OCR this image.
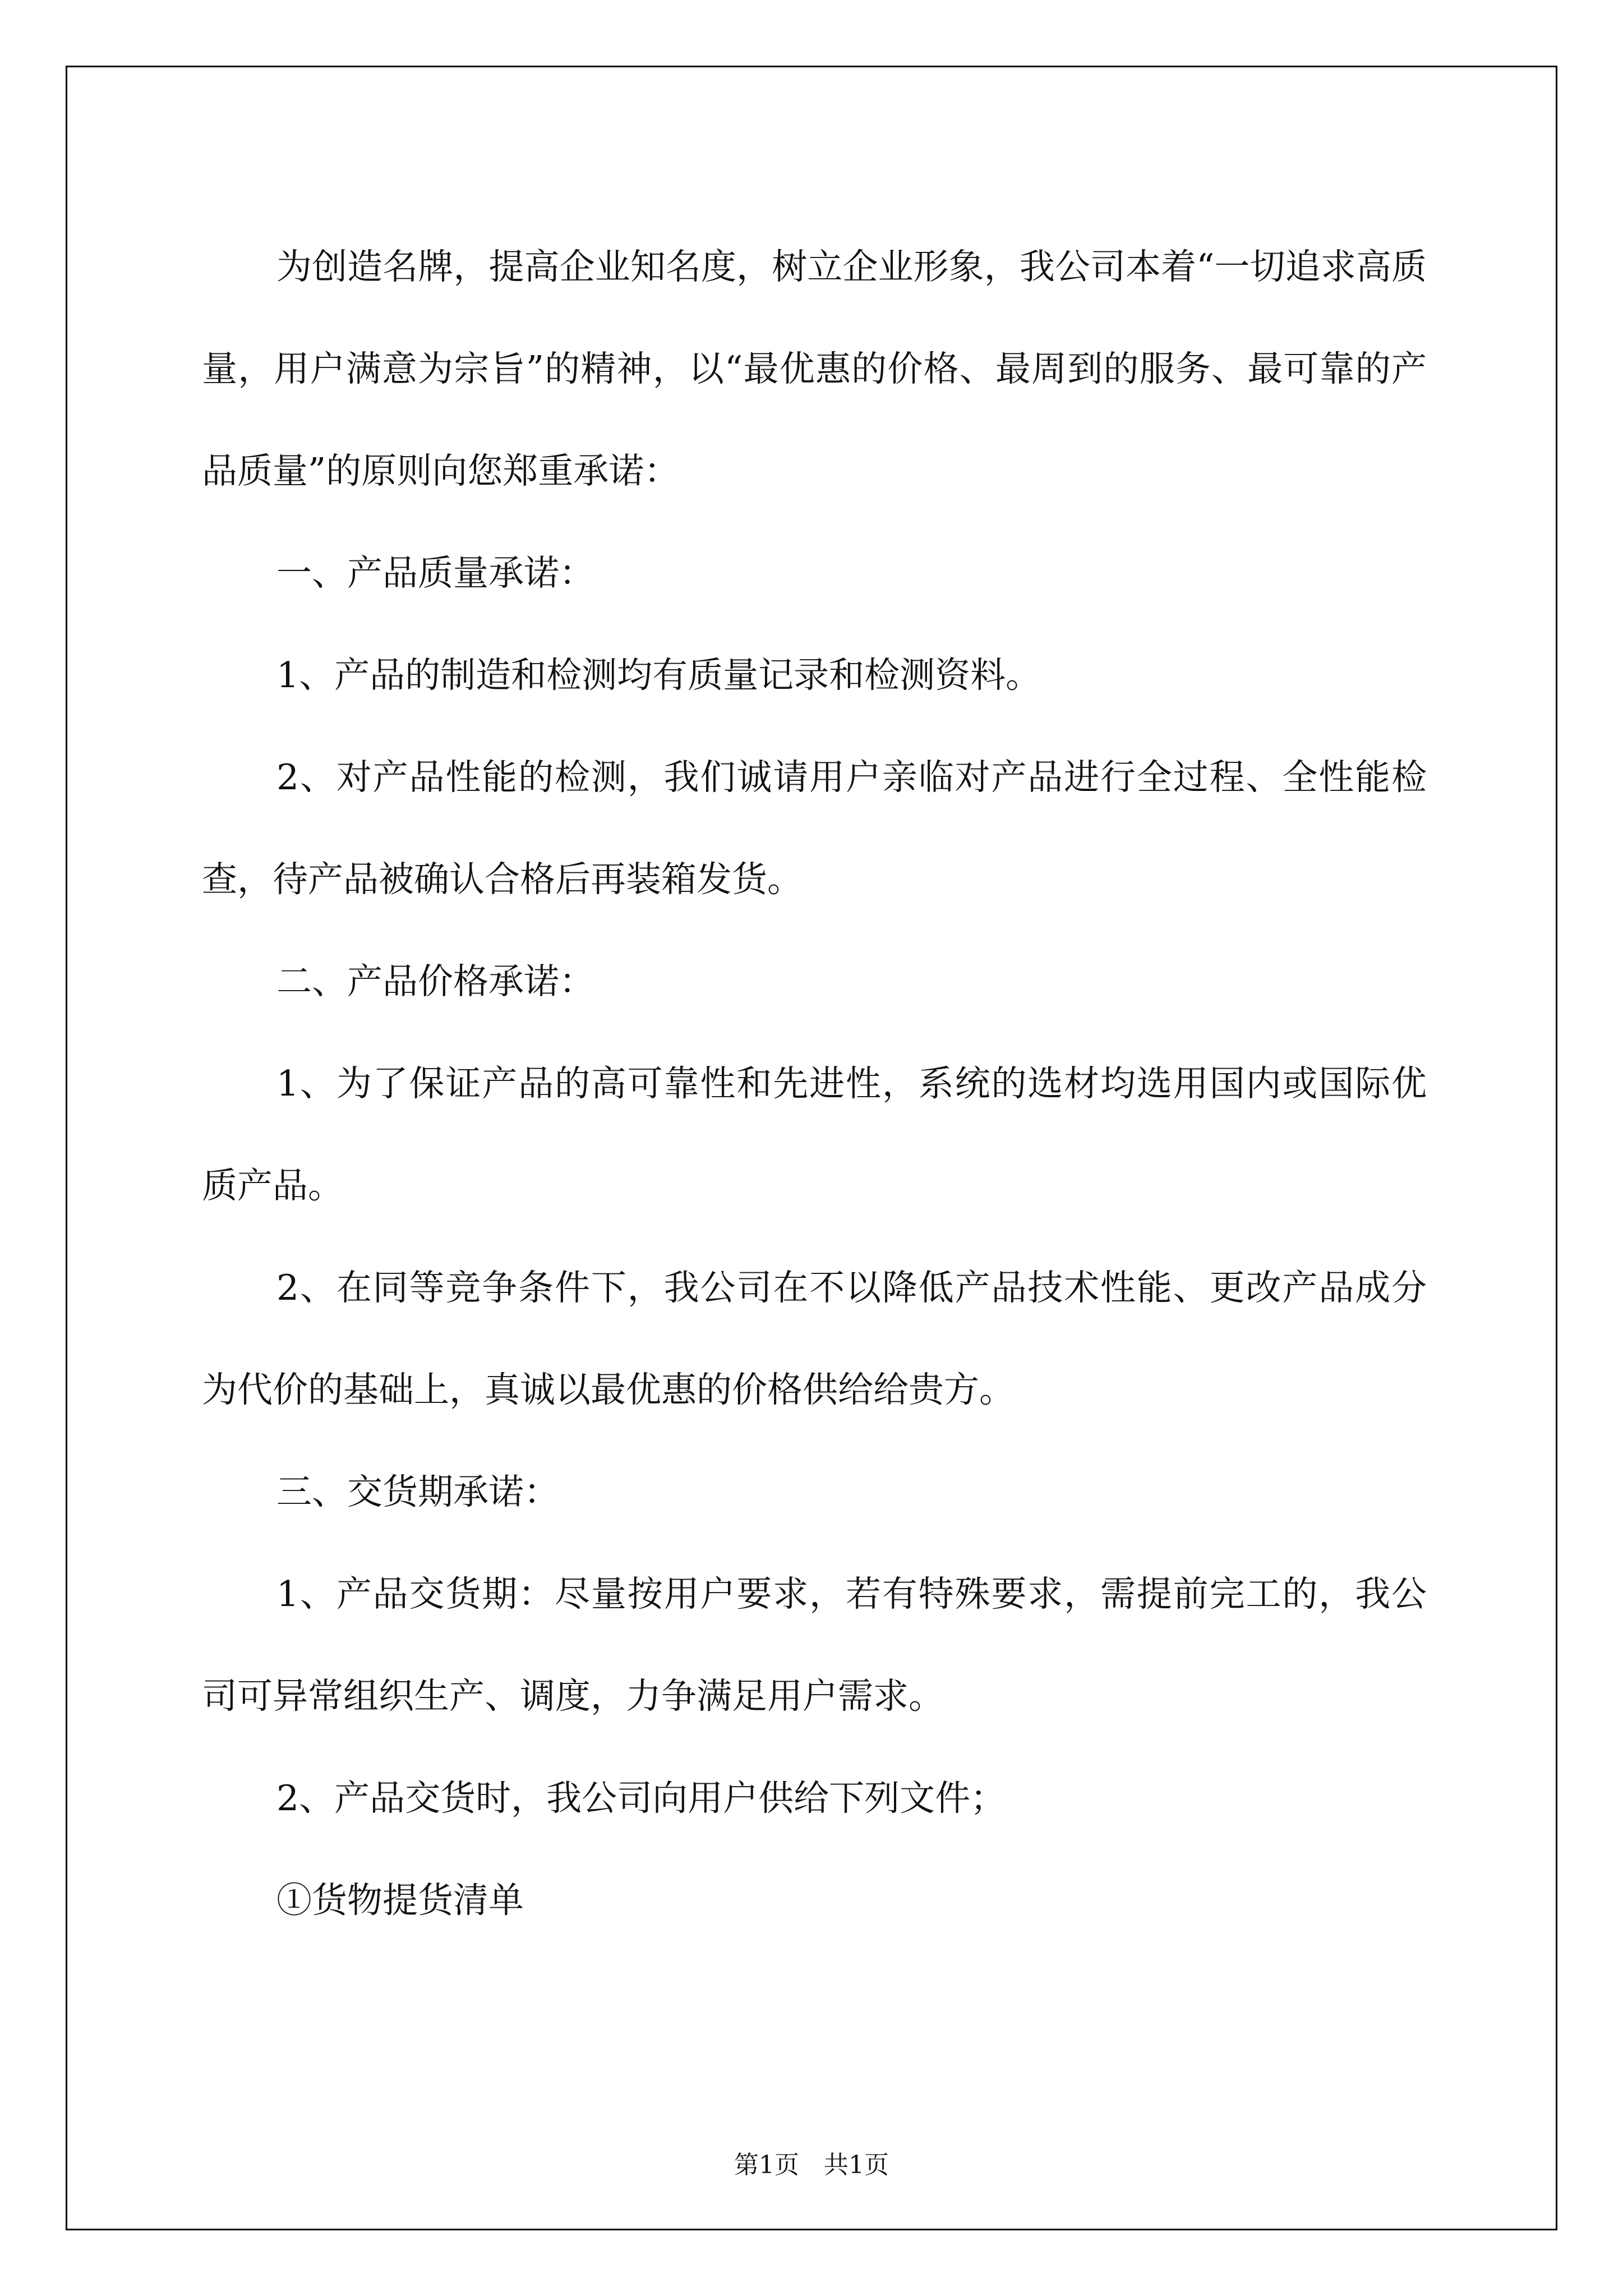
为创造名牌，提高企业知名度，树立企业形象，我公司本着“一切追求高质量，用户满意为宗旨”的精神，以“最优惠的价格、最周到的服务、最可靠的产品质量”的原则向您郑重承诺：

一、产品质量承诺：

1、产品的制造和检测均有质量记录和检测资料。

2、对产品性能的检测，我们诚请用户亲临对产品进行全过程、全性能检查，待产品被确认合格后再装箱发货。

二、产品价格承诺：

1、为了保证产品的高可靠性和先进性，系统的选材均选用国内或国际优质产品。

2、在同等竞争条件下，我公司在不以降低产品技术性能、更改产品成分为代价的基础上，真诚以最优惠的价格供给给贵方。

三、交货期承诺：

1、产品交货期：尽量按用户要求，若有特殊要求，需提前完工的，我公司可异常组织生产、调度，力争满足用户需求。

2、产品交货时，我公司向用户供给下列文件；

①货物提货清单

第1页　共1页
